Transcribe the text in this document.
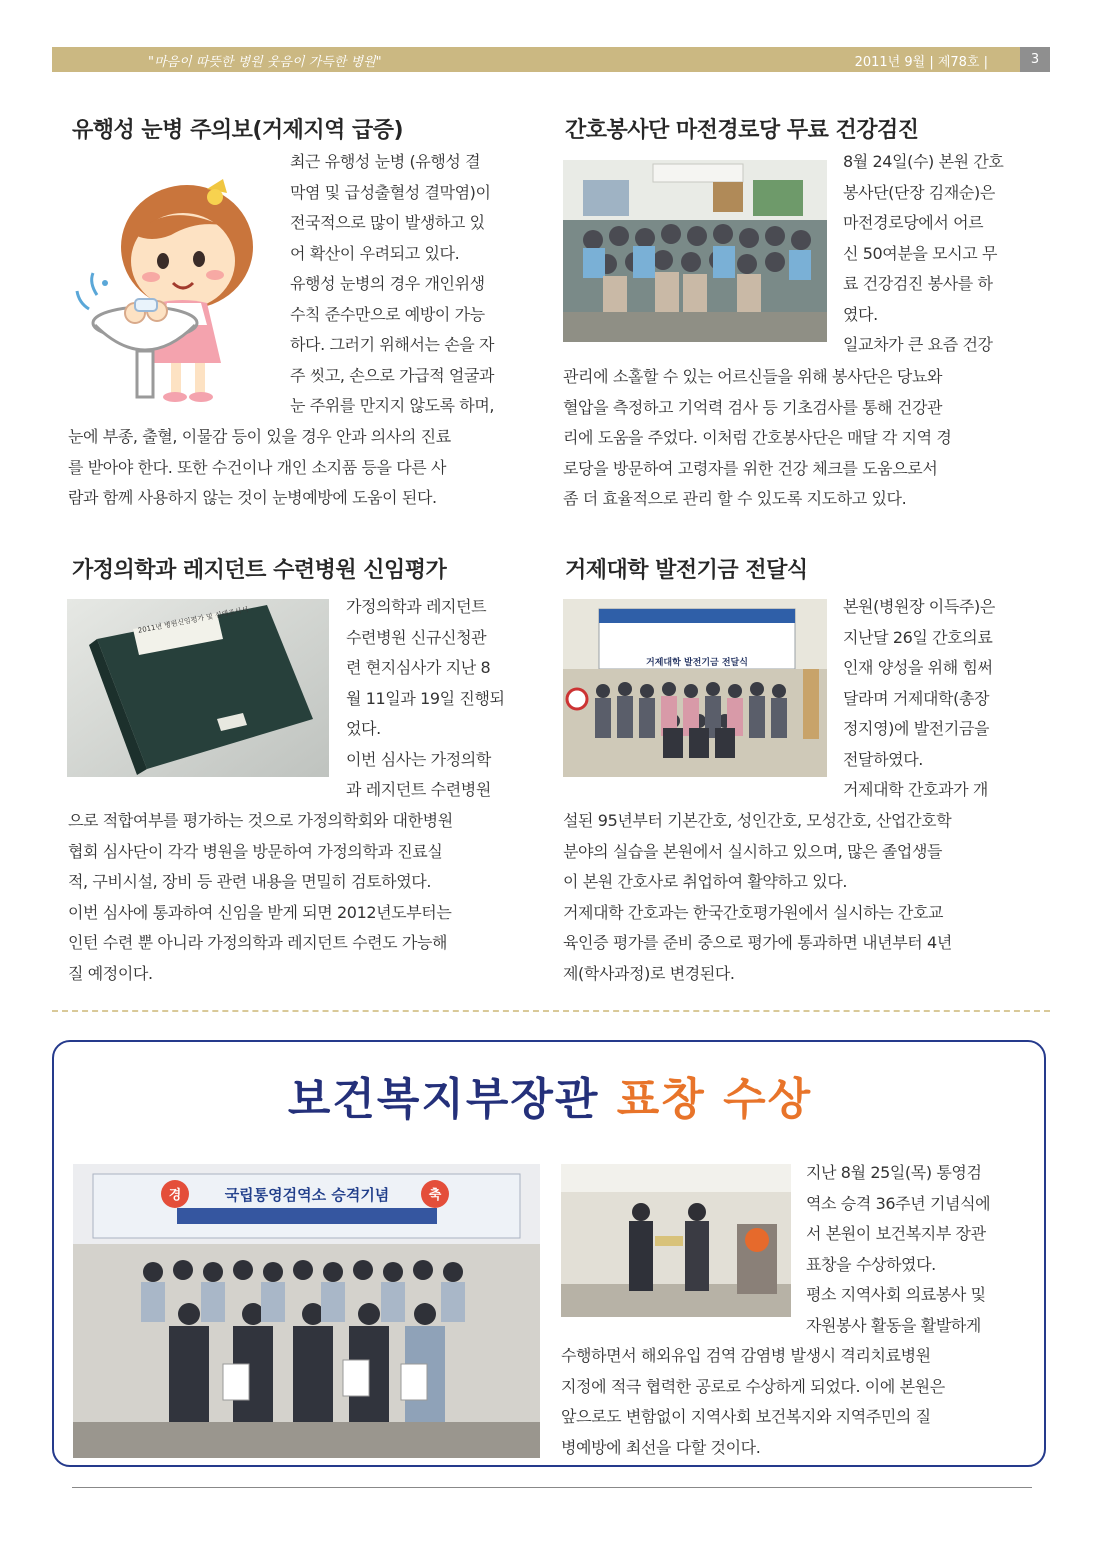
"마음이 따뜻한 병원 웃음이 가득한 병원"	2011년 9월 | 제78호 |	3
유행성 눈병 주의보(거제지역 급증)

최근 유행성 눈병 (유행성 결

막염 및 급성출혈성 결막염)이

전국적으로 많이 발생하고 있

어 확산이 우려되고 있다.

유행성 눈병의 경우 개인위생

수칙 준수만으로 예방이 가능

하다. 그러기 위해서는 손을 자

주 씻고, 손으로 가급적 얼굴과

눈 주위를 만지지 않도록 하며,

눈에 부종, 출혈, 이물감 등이 있을 경우 안과 의사의 진료

를 받아야 한다. 또한 수건이나 개인 소지품 등을 다른 사

람과 함께 사용하지 않는 것이 눈병예방에 도움이 된다.

간호봉사단 마전경로당 무료 건강검진

8월 24일(수) 본원 간호

봉사단(단장 김재순)은

마전경로당에서 어르

신 50여분을 모시고 무

료 건강검진 봉사를 하

였다.

일교차가 큰 요즘 건강

관리에 소홀할 수 있는 어르신들을 위해 봉사단은 당뇨와

혈압을 측정하고 기억력 검사 등 기초검사를 통해 건강관

리에 도움을 주었다. 이처럼 간호봉사단은 매달 각 지역 경

로당을 방문하여 고령자를 위한 건강 체크를 도움으로서

좀 더 효율적으로 관리 할 수 있도록 지도하고 있다.

가정의학과 레지던트 수련병원 신임평가
2011년 병원신임평가 및 실태조사서	가정의학과 레지던트

수련병원 신규신청관

련 현지심사가 지난 8

월 11일과 19일 진행되

었다.

이번 심사는 가정의학

과 레지던트 수련병원

으로 적합여부를 평가하는 것으로 가정의학회와 대한병원

협회 심사단이 각각 병원을 방문하여 가정의학과 진료실

적, 구비시설, 장비 등 관련 내용을 면밀히 검토하였다.

이번 심사에 통과하여 신임을 받게 되면 2012년도부터는

인턴 수련 뿐 아니라 가정의학과 레지던트 수련도 가능해

질 예정이다.

거제대학 발전기금 전달식
거제대학 발전기금 전달식

본원(병원장 이득주)은

지난달 26일 간호의료

인재 양성을 위해 힘써

달라며 거제대학(총장

정지영)에 발전기금을

전달하였다.

거제대학 간호과가 개

설된 95년부터 기본간호, 성인간호, 모성간호, 산업간호학

분야의 실습을 본원에서 실시하고 있으며, 많은 졸업생들

이 본원 간호사로 취업하여 활약하고 있다.

거제대학 간호과는 한국간호평가원에서 실시하는 간호교

육인증 평가를 준비 중으로 평가에 통과하면 내년부터 4년

제(학사과정)로 변경된다.

보건복지부장관 표창 수상
경	국립통영검역소 승격기념	축

지난 8월 25일(목) 통영검

역소 승격 36주년 기념식에

서 본원이 보건복지부 장관

표창을 수상하였다.

평소 지역사회 의료봉사 및

자원봉사 활동을 활발하게

수행하면서 해외유입 검역 감염병 발생시 격리치료병원

지정에 적극 협력한 공로로 수상하게 되었다. 이에 본원은

앞으로도 변함없이 지역사회 보건복지와 지역주민의 질

병예방에 최선을 다할 것이다.
